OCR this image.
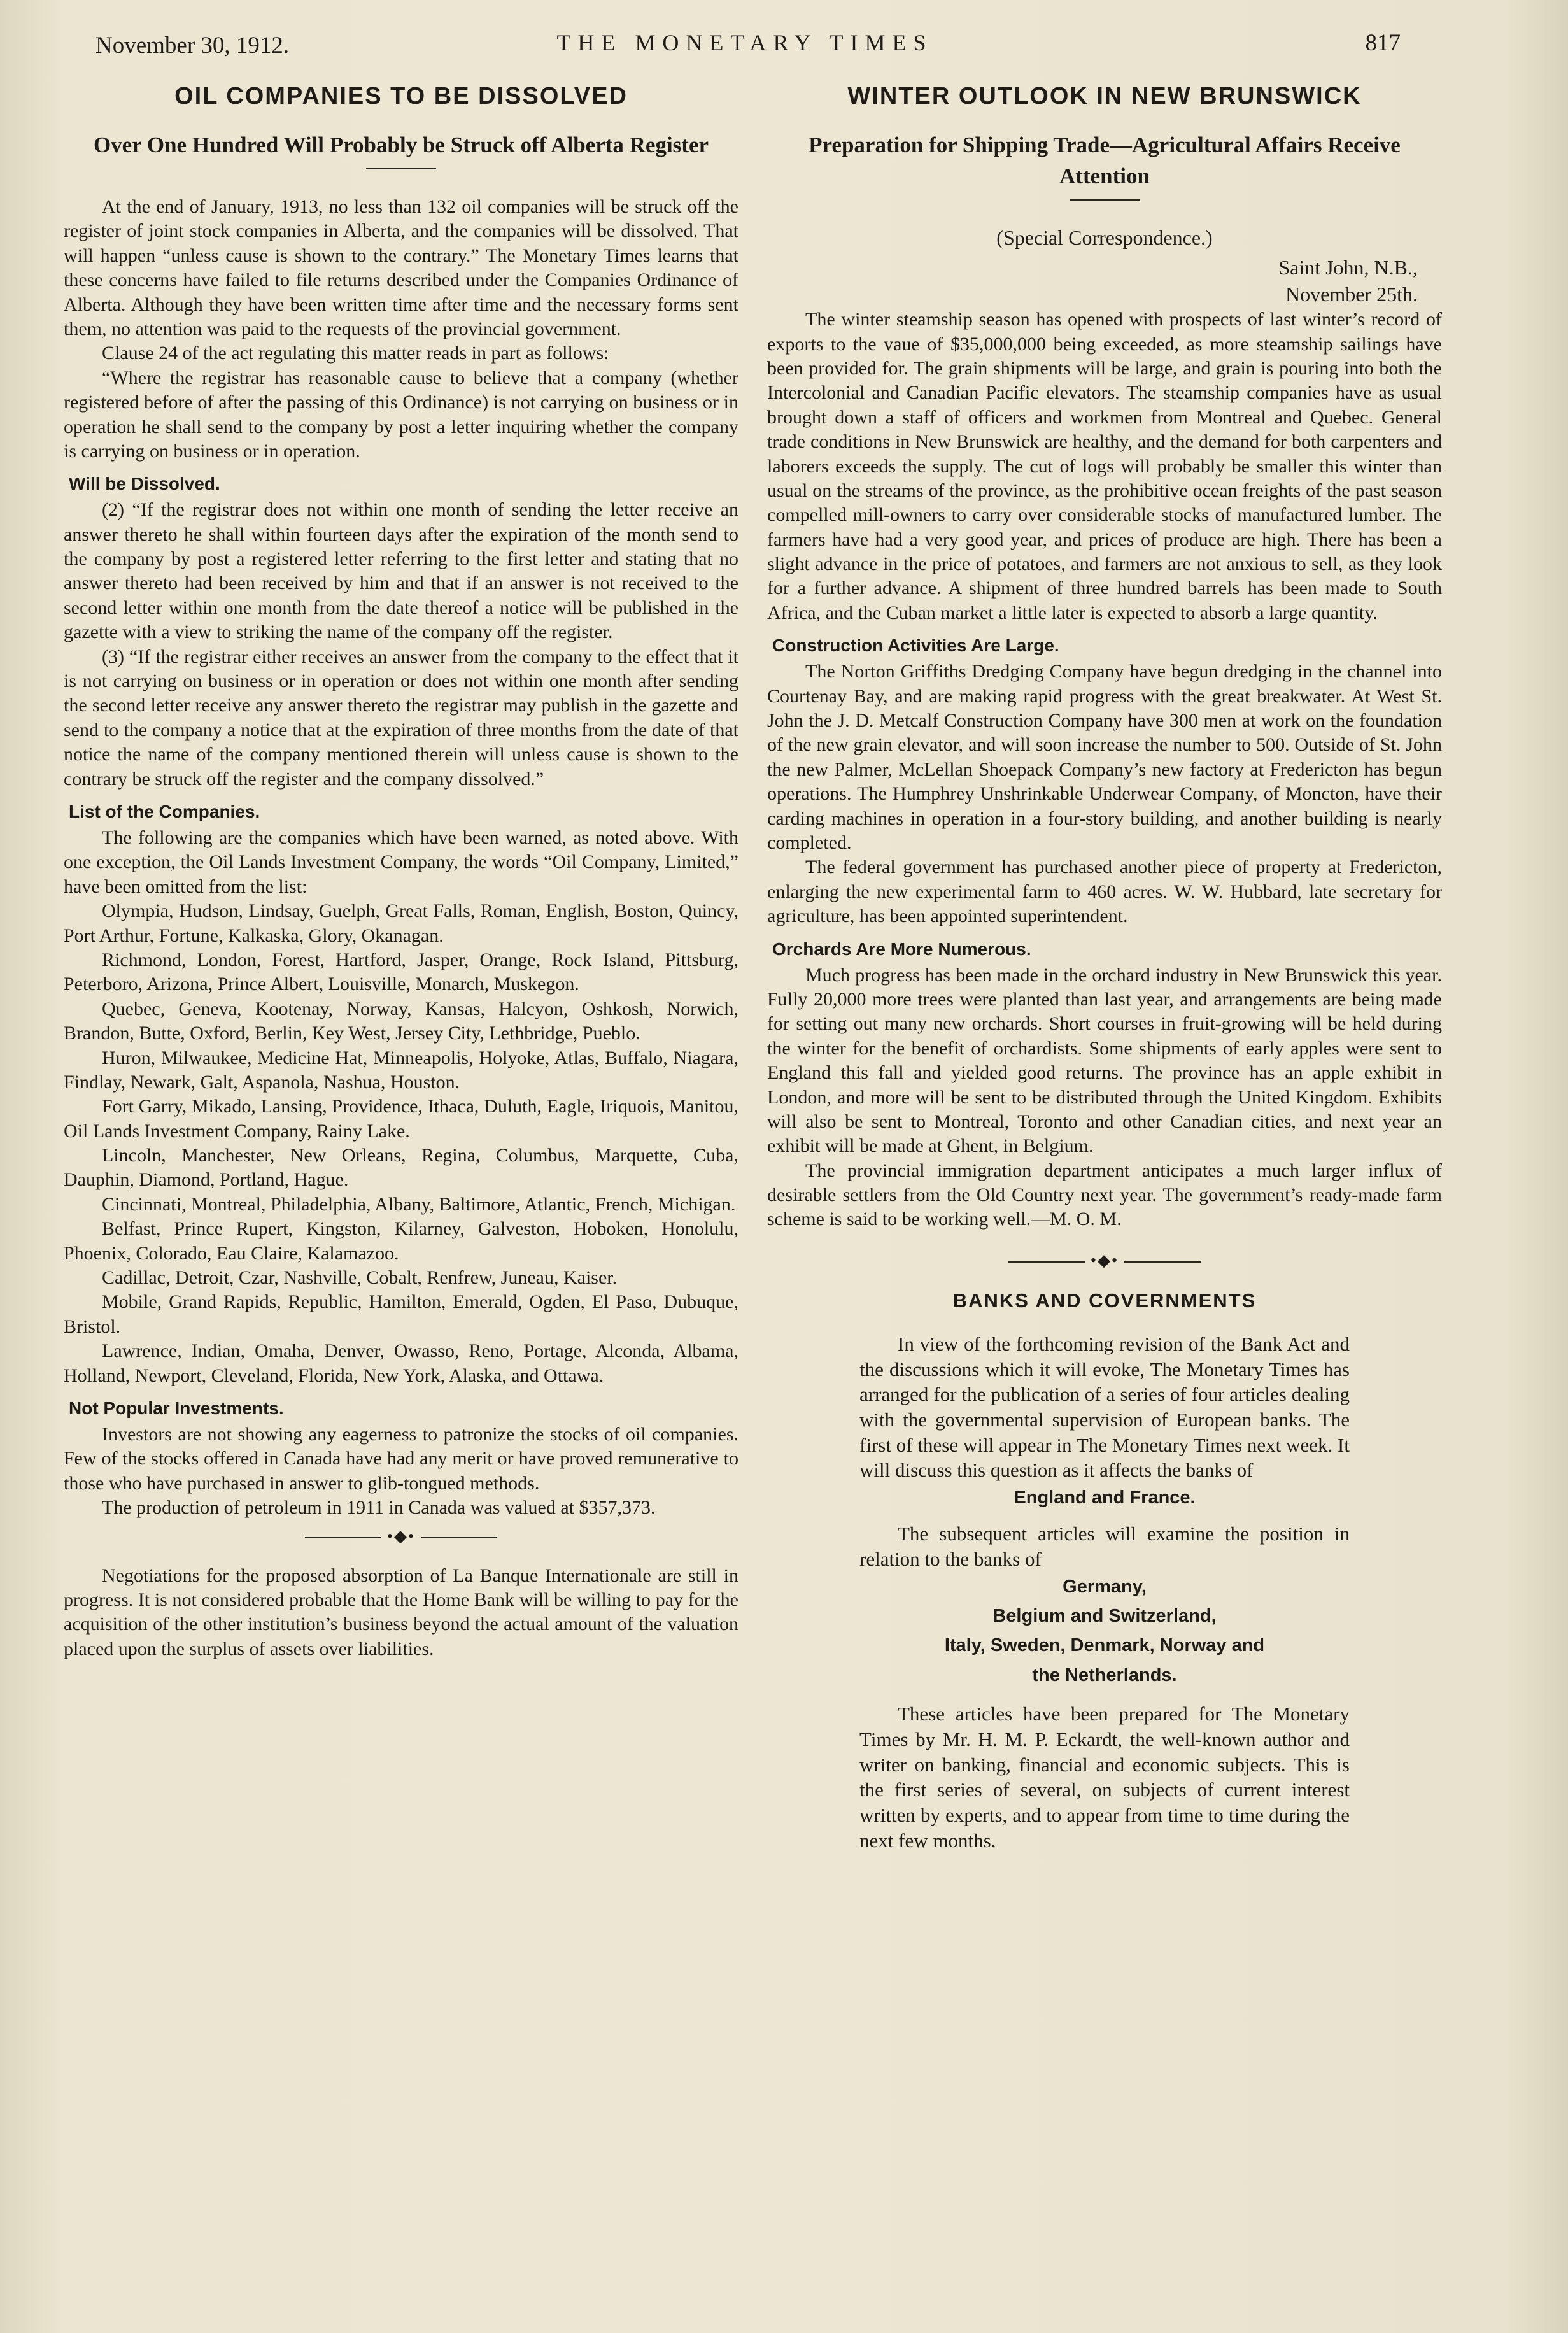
November 30, 1912.	THE MONETARY TIMES	817
OIL COMPANIES TO BE DISSOLVED
Over One Hundred Will Probably be Struck off Alberta Register

At the end of January, 1913, no less than 132 oil companies will be struck off the register of joint stock companies in Alberta, and the companies will be dissolved. That will happen “unless cause is shown to the contrary.” The Monetary Times learns that these concerns have failed to file returns described under the Companies Ordinance of Alberta. Although they have been written time after time and the necessary forms sent them, no attention was paid to the requests of the provincial government.

Clause 24 of the act regulating this matter reads in part as follows:

“Where the registrar has reasonable cause to believe that a company (whether registered before of after the passing of this Ordinance) is not carrying on business or in operation he shall send to the company by post a letter inquiring whether the company is carrying on business or in operation.

Will be Dissolved.

(2) “If the registrar does not within one month of sending the letter receive an answer thereto he shall within fourteen days after the expiration of the month send to the company by post a registered letter referring to the first letter and stating that no answer thereto had been received by him and that if an answer is not received to the second letter within one month from the date thereof a notice will be published in the gazette with a view to striking the name of the company off the register.

(3) “If the registrar either receives an answer from the company to the effect that it is not carrying on business or in operation or does not within one month after sending the second letter receive any answer thereto the registrar may publish in the gazette and send to the company a notice that at the expiration of three months from the date of that notice the name of the company mentioned therein will unless cause is shown to the contrary be struck off the register and the company dissolved.”

List of the Companies.

The following are the companies which have been warned, as noted above. With one exception, the Oil Lands Investment Company, the words “Oil Company, Limited,” have been omitted from the list:

Olympia, Hudson, Lindsay, Guelph, Great Falls, Roman, English, Boston, Quincy, Port Arthur, Fortune, Kalkaska, Glory, Okanagan.

Richmond, London, Forest, Hartford, Jasper, Orange, Rock Island, Pittsburg, Peterboro, Arizona, Prince Albert, Louisville, Monarch, Muskegon.

Quebec, Geneva, Kootenay, Norway, Kansas, Halcyon, Oshkosh, Norwich, Brandon, Butte, Oxford, Berlin, Key West, Jersey City, Lethbridge, Pueblo.

Huron, Milwaukee, Medicine Hat, Minneapolis, Holyoke, Atlas, Buffalo, Niagara, Findlay, Newark, Galt, Aspanola, Nashua, Houston.

Fort Garry, Mikado, Lansing, Providence, Ithaca, Duluth, Eagle, Iriquois, Manitou, Oil Lands Investment Company, Rainy Lake.

Lincoln, Manchester, New Orleans, Regina, Columbus, Marquette, Cuba, Dauphin, Diamond, Portland, Hague.

Cincinnati, Montreal, Philadelphia, Albany, Baltimore, Atlantic, French, Michigan.

Belfast, Prince Rupert, Kingston, Kilarney, Galveston, Hoboken, Honolulu, Phoenix, Colorado, Eau Claire, Kalamazoo.

Cadillac, Detroit, Czar, Nashville, Cobalt, Renfrew, Juneau, Kaiser.

Mobile, Grand Rapids, Republic, Hamilton, Emerald, Ogden, El Paso, Dubuque, Bristol.

Lawrence, Indian, Omaha, Denver, Owasso, Reno, Portage, Alconda, Albama, Holland, Newport, Cleveland, Florida, New York, Alaska, and Ottawa.

Not Popular Investments.

Investors are not showing any eagerness to patronize the stocks of oil companies. Few of the stocks offered in Canada have had any merit or have proved remunerative to those who have purchased in answer to glib-tongued methods.

The production of petroleum in 1911 in Canada was valued at $357,373.

•◆•

Negotiations for the proposed absorption of La Banque Internationale are still in progress. It is not considered probable that the Home Bank will be willing to pay for the acquisition of the other institution’s business beyond the actual amount of the valuation placed upon the surplus of assets over liabilities.

WINTER OUTLOOK IN NEW BRUNSWICK
Preparation for Shipping Trade—Agricultural Affairs Receive Attention
(Special Correspondence.)
Saint John, N.B.,
November 25th.

The winter steamship season has opened with prospects of last winter’s record of exports to the vaue of $35,000,000 being exceeded, as more steamship sailings have been provided for. The grain shipments will be large, and grain is pouring into both the Intercolonial and Canadian Pacific elevators. The steamship companies have as usual brought down a staff of officers and workmen from Montreal and Quebec. General trade conditions in New Brunswick are healthy, and the demand for both carpenters and laborers exceeds the supply. The cut of logs will probably be smaller this winter than usual on the streams of the province, as the prohibitive ocean freights of the past season compelled mill-owners to carry over considerable stocks of manufactured lumber. The farmers have had a very good year, and prices of produce are high. There has been a slight advance in the price of potatoes, and farmers are not anxious to sell, as they look for a further advance. A shipment of three hundred barrels has been made to South Africa, and the Cuban market a little later is expected to absorb a large quantity.

Construction Activities Are Large.

The Norton Griffiths Dredging Company have begun dredging in the channel into Courtenay Bay, and are making rapid progress with the great breakwater. At West St. John the J. D. Metcalf Construction Company have 300 men at work on the foundation of the new grain elevator, and will soon increase the number to 500. Outside of St. John the new Palmer, McLellan Shoepack Company’s new factory at Fredericton has begun operations. The Humphrey Unshrinkable Underwear Company, of Moncton, have their carding machines in operation in a four-story building, and another building is nearly completed.

The federal government has purchased another piece of property at Fredericton, enlarging the new experimental farm to 460 acres. W. W. Hubbard, late secretary for agriculture, has been appointed superintendent.

Orchards Are More Numerous.

Much progress has been made in the orchard industry in New Brunswick this year. Fully 20,000 more trees were planted than last year, and arrangements are being made for setting out many new orchards. Short courses in fruit-growing will be held during the winter for the benefit of orchardists. Some shipments of early apples were sent to England this fall and yielded good returns. The province has an apple exhibit in London, and more will be sent to be distributed through the United Kingdom. Exhibits will also be sent to Montreal, Toronto and other Canadian cities, and next year an exhibit will be made at Ghent, in Belgium.

The provincial immigration department anticipates a much larger influx of desirable settlers from the Old Country next year. The government’s ready-made farm scheme is said to be working well.—M. O. M.

•◆•
BANKS AND COVERNMENTS

In view of the forthcoming revision of the Bank Act and the discussions which it will evoke, The Monetary Times has arranged for the publication of a series of four articles dealing with the governmental supervision of European banks. The first of these will appear in The Monetary Times next week. It will discuss this question as it affects the banks of

England and France.

The subsequent articles will examine the position in relation to the banks of

Germany,

Belgium and Switzerland,

Italy, Sweden, Denmark, Norway and

the Netherlands.

These articles have been prepared for The Monetary Times by Mr. H. M. P. Eckardt, the well-known author and writer on banking, financial and economic subjects. This is the first series of several, on subjects of current interest written by experts, and to appear from time to time during the next few months.
